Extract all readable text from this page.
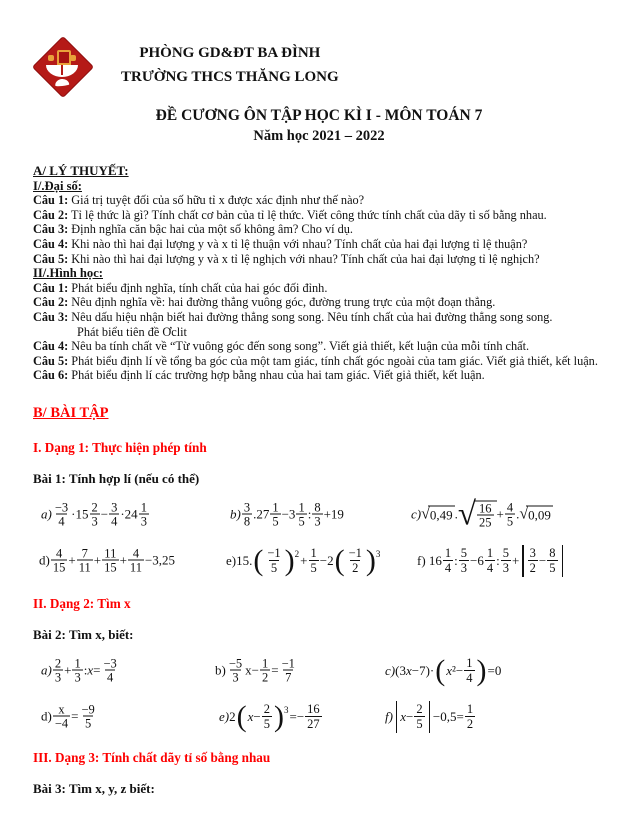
PHÒNG GD&ĐT BA ĐÌNH
TRƯỜNG THCS THĂNG LONG
ĐỀ CƯƠNG ÔN TẬP HỌC KÌ I - MÔN TOÁN 7
Năm học 2021 – 2022
A/ LÝ THUYẾT:
I/.Đại số:
Câu 1: Giá trị tuyệt đối của số hữu tỉ x được xác định như thế nào?
Câu 2: Tỉ lệ thức là gì? Tính chất cơ bản của tỉ lệ thức. Viết công thức tính chất của dãy tỉ số bằng nhau.
Câu 3: Định nghĩa căn bậc hai của một số không âm? Cho ví dụ.
Câu 4: Khi nào thì hai đại lượng y và x tỉ lệ thuận với nhau? Tính chất của hai đại lượng tỉ lệ thuận?
Câu 5: Khi nào thì hai đại lượng y và x tỉ lệ nghịch với nhau? Tính chất của hai đại lượng tỉ lệ nghịch?
II/.Hình học:
Câu 1: Phát biểu định nghĩa, tính chất của hai góc đối đỉnh.
Câu 2: Nêu định nghĩa về: hai đường thẳng vuông góc, đường trung trực của một đoạn thẳng.
Câu 3: Nêu dấu hiệu nhận biết hai đường thẳng song song. Nêu tính chất của hai đường thẳng song song.
Phát biểu tiên đề Ơclit
Câu 4: Nêu ba tính chất về “Từ vuông góc đến song song”. Viết giả thiết, kết luận của mỗi tính chất.
Câu 5: Phát biểu định lí về tổng ba góc của một tam giác, tính chất góc ngoài của tam giác. Viết giả thiết, kết luận.
Câu 6: Phát biểu định lí các trường hợp bằng nhau của hai tam giác. Viết giả thiết, kết luận.
B/ BÀI TẬP
I. Dạng 1: Thực hiện phép tính
Bài 1: Tính hợp lí (nếu có thể)
$a) \frac{-3}{4} \cdot 15 \frac{2}{3} - \frac{3}{4} \cdot 24 \frac{1}{3}$	$b) \frac{3}{8} .27 \frac{1}{5} -3 \frac{1}{5}$ : $\frac{8}{3} +19$	c) √ 0,49 . √ $\frac{16}{25} + \frac{4}{5}$ . √ 0,09
$d) \frac{4}{15} + \frac{7}{11} + \frac{11}{15} + \frac{4}{11} -3,25$	e)15. ( $\frac{-1}{5}$ ) $2 + \frac{1}{5} -2$ ( $\frac{-1}{2}$ ) 3	f) $16 \frac{1}{4}$ : $\frac{5}{3} -6 \frac{1}{4}$ : $\frac{5}{3} + \frac{3}{2} - \frac{8}{5}$
II. Dạng 2: Tìm x
Bài 2: Tìm x, biết:
$a) \frac{2}{3} + \frac{1}{3}$ : $x = \frac{-3}{4}$	$b) \frac{-5}{3} x- \frac{1}{2} = \frac{-1}{7}$	c) (3 x −7)· ( x $^2- \frac{1}{4}$ ) =0
$d) \frac{x}{-4} = \frac{-9}{5}$	e) 2 ( $x - \frac{2}{5}$ ) $3 =- \frac{16}{27}$	f) $x - \frac{2}{5} -0,5= \frac{1}{2}$
III. Dạng 3: Tính chất dãy tỉ số bằng nhau
Bài 3: Tìm x, y, z biết:
